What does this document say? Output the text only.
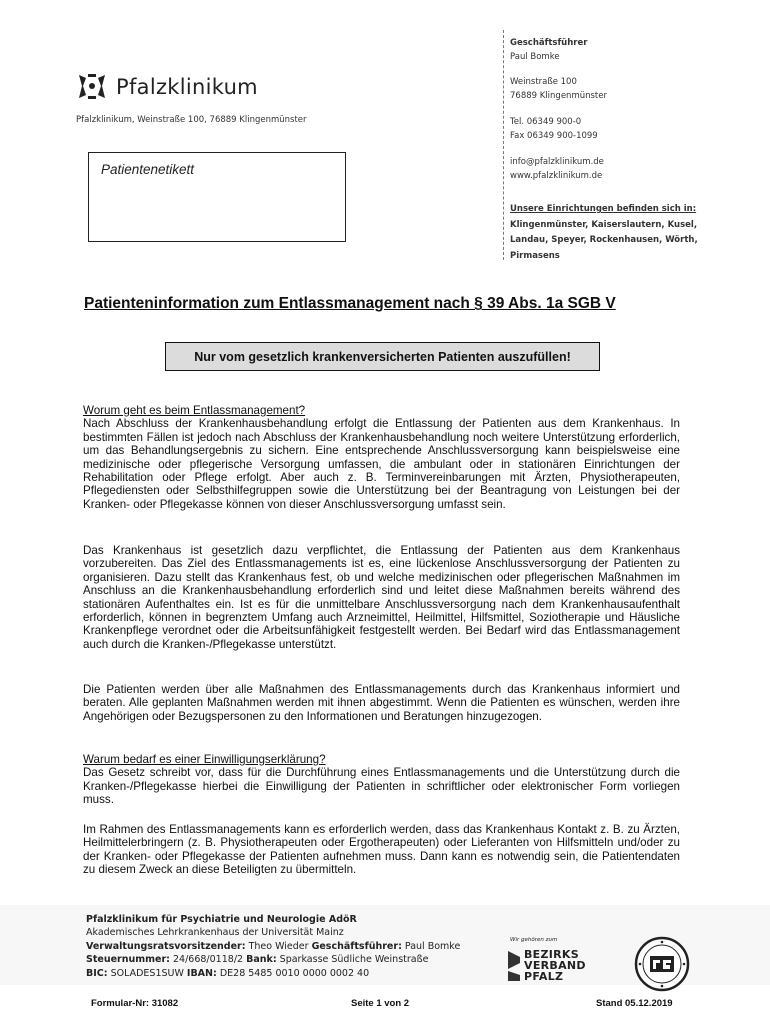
Pfalzklinikum
Pfalzklinikum, Weinstraße 100, 76889 Klingenmünster
Patientenetikett
Geschäftsführer
Paul Bomke
Weinstraße 100
76889 Klingenmünster
Tel. 06349 900-0
Fax 06349 900-1099
info@pfalzklinikum.de
www.pfalzklinikum.de
Unsere Einrichtungen befinden sich in:
Klingenmünster, Kaiserslautern, Kusel,
Landau, Speyer, Rockenhausen, Wörth,
Pirmasens
Patienteninformation zum Entlassmanagement nach § 39 Abs. 1a SGB V
Nur vom gesetzlich krankenversicherten Patienten auszufüllen!

Worum geht es beim Entlassmanagement?

Nach Abschluss der Krankenhausbehandlung erfolgt die Entlassung der Patienten aus dem Krankenhaus. In bestimmten Fällen ist jedoch nach Abschluss der Krankenhausbehandlung noch weitere Unterstützung erforderlich, um das Behandlungsergebnis zu sichern. Eine entsprechende Anschlussversorgung kann beispielsweise eine medizinische oder pflegerische Versorgung umfassen, die ambulant oder in stationären Einrichtungen der Rehabilitation oder Pflege erfolgt. Aber auch z. B. Terminvereinbarungen mit Ärzten, Physiotherapeuten, Pflegediensten oder Selbsthilfegruppen sowie die Unterstützung bei der Beantragung von Leistungen bei der Kranken- oder Pflegekasse können von dieser Anschlussversorgung umfasst sein.

Das Krankenhaus ist gesetzlich dazu verpflichtet, die Entlassung der Patienten aus dem Krankenhaus vorzubereiten. Das Ziel des Entlassmanagements ist es, eine lückenlose Anschlussversorgung der Patienten zu organisieren. Dazu stellt das Krankenhaus fest, ob und welche medizinischen oder pflegerischen Maßnahmen im Anschluss an die Krankenhausbehandlung erforderlich sind und leitet diese Maßnahmen bereits während des stationären Aufenthaltes ein. Ist es für die unmittelbare Anschlussversorgung nach dem Krankenhausaufenthalt erforderlich, können in begrenztem Umfang auch Arzneimittel, Heilmittel, Hilfsmittel, Soziotherapie und Häusliche Krankenpflege verordnet oder die Arbeitsunfähigkeit festgestellt werden. Bei Bedarf wird das Entlassmanagement auch durch die Kranken-/Pflegekasse unterstützt.
Die Patienten werden über alle Maßnahmen des Entlassmanagements durch das Krankenhaus informiert und beraten. Alle geplanten Maßnahmen werden mit ihnen abgestimmt. Wenn die Patienten es wünschen, werden ihre Angehörigen oder Bezugspersonen zu den Informationen und Beratungen hinzugezogen.

Warum bedarf es einer Einwilligungserklärung?

Das Gesetz schreibt vor, dass für die Durchführung eines Entlassmanagements und die Unterstützung durch die Kranken-/Pflegekasse hierbei die Einwilligung der Patienten in schriftlicher oder elektronischer Form vorliegen muss.

Im Rahmen des Entlassmanagements kann es erforderlich werden, dass das Krankenhaus Kontakt z. B. zu Ärzten, Heilmittelerbringern (z. B. Physiotherapeuten oder Ergotherapeuten) oder Lieferanten von Hilfsmitteln und/oder zu der Kranken- oder Pflegekasse der Patienten aufnehmen muss. Dann kann es notwendig sein, die Patientendaten zu diesem Zweck an diese Beteiligten zu übermitteln.
Pfalzklinikum für Psychiatrie und Neurologie AdöR
Akademisches Lehrkrankenhaus der Universität Mainz
Verwaltungsratsvorsitzender: Theo Wieder Geschäftsführer: Paul Bomke
Steuernummer: 24/668/0118/2 Bank: Sparkasse Südliche Weinstraße
BIC: SOLADES1SUW IBAN: DE28 5485 0010 0000 0002 40
Wir gehören zum
BEZIRKS
VERBAND
PFALZ
Formular-Nr: 31082	Seite 1 von 2	Stand 05.12.2019
